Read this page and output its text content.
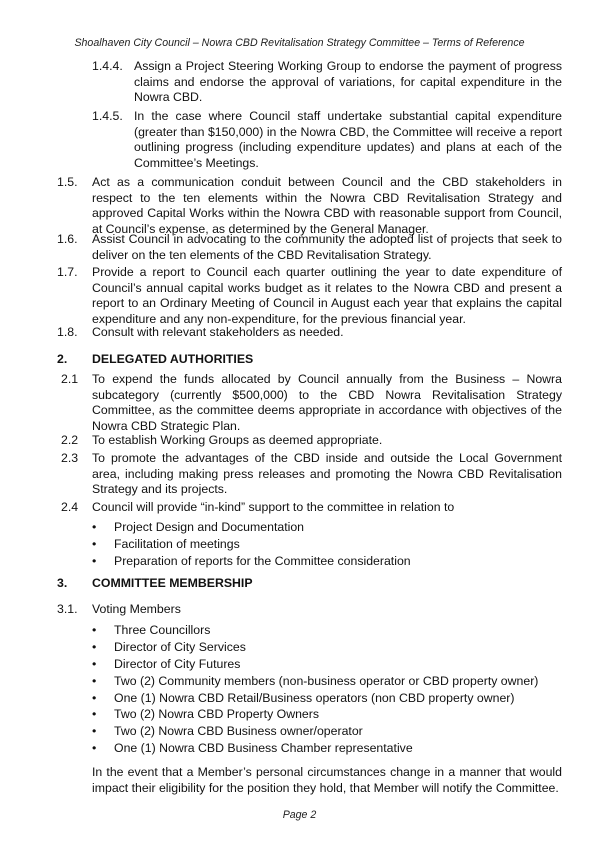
Shoalhaven City Council – Nowra CBD Revitalisation Strategy Committee – Terms of Reference
1.4.4. Assign a Project Steering Working Group to endorse the payment of progress claims and endorse the approval of variations, for capital expenditure in the Nowra CBD.
1.4.5. In the case where Council staff undertake substantial capital expenditure (greater than $150,000) in the Nowra CBD, the Committee will receive a report outlining progress (including expenditure updates) and plans at each of the Committee’s Meetings.
1.5. Act as a communication conduit between Council and the CBD stakeholders in respect to the ten elements within the Nowra CBD Revitalisation Strategy and approved Capital Works within the Nowra CBD with reasonable support from Council, at Council’s expense, as determined by the General Manager.
1.6. Assist Council in advocating to the community the adopted list of projects that seek to deliver on the ten elements of the CBD Revitalisation Strategy.
1.7. Provide a report to Council each quarter outlining the year to date expenditure of Council’s annual capital works budget as it relates to the Nowra CBD and present a report to an Ordinary Meeting of Council in August each year that explains the capital expenditure and any non-expenditure, for the previous financial year.
1.8. Consult with relevant stakeholders as needed.
2. DELEGATED AUTHORITIES
2.1 To expend the funds allocated by Council annually from the Business – Nowra subcategory (currently $500,000) to the CBD Nowra Revitalisation Strategy Committee, as the committee deems appropriate in accordance with objectives of the Nowra CBD Strategic Plan.
2.2 To establish Working Groups as deemed appropriate.
2.3 To promote the advantages of the CBD inside and outside the Local Government area, including making press releases and promoting the Nowra CBD Revitalisation Strategy and its projects.
2.4 Council will provide “in-kind” support to the committee in relation to
• Project Design and Documentation
• Facilitation of meetings
• Preparation of reports for the Committee consideration
3. COMMITTEE MEMBERSHIP
3.1. Voting Members
• Three Councillors
• Director of City Services
• Director of City Futures
• Two (2) Community members (non-business operator or CBD property owner)
• One (1) Nowra CBD Retail/Business operators (non CBD property owner)
• Two (2) Nowra CBD Property Owners
• Two (2) Nowra CBD Business owner/operator
• One (1) Nowra CBD Business Chamber representative
In the event that a Member’s personal circumstances change in a manner that would impact their eligibility for the position they hold, that Member will notify the Committee.
Page 2
